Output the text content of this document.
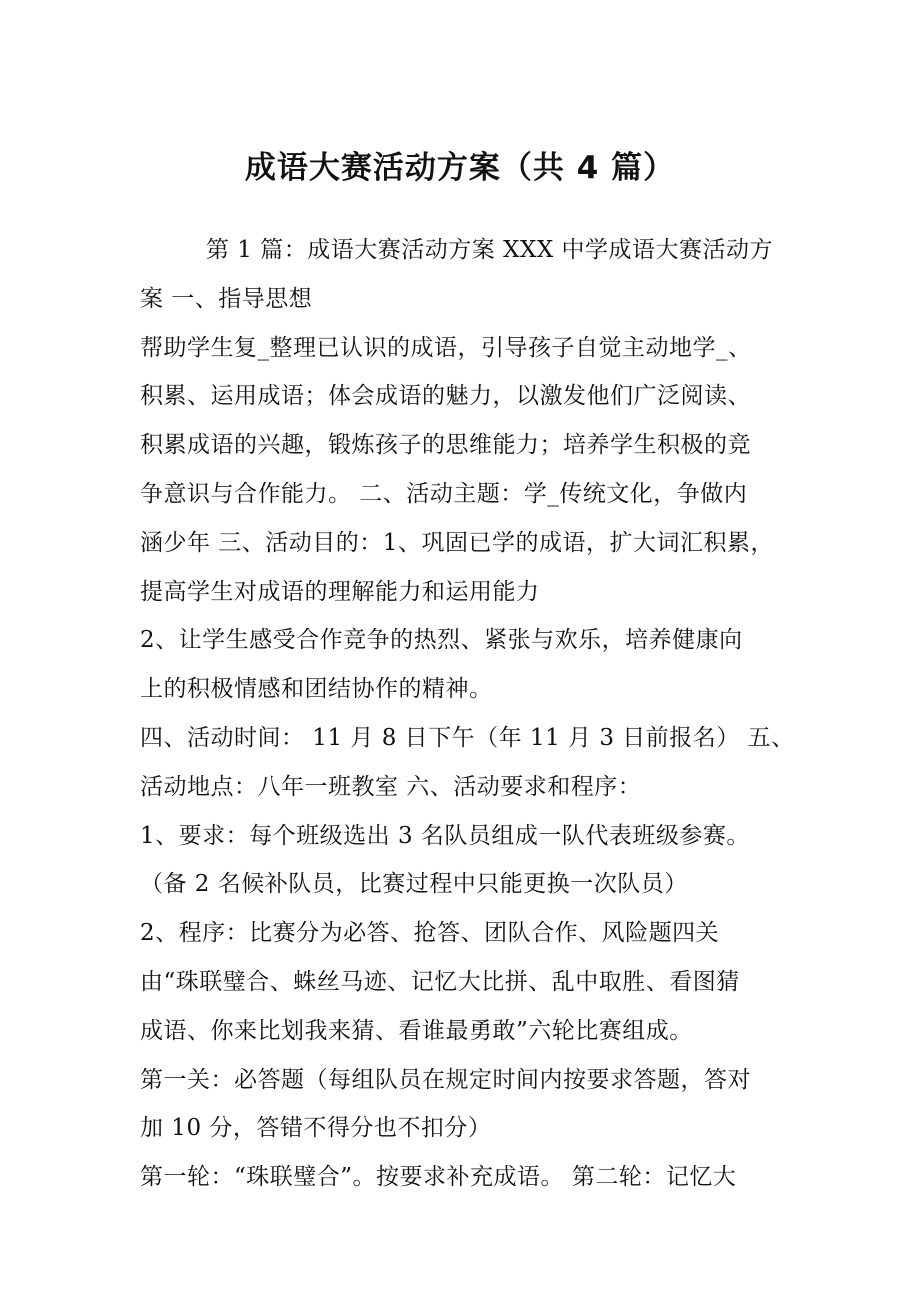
成语大赛活动方案（共 4 篇）
第 1 篇：成语大赛活动方案 XXX 中学成语大赛活动方
案 一、指导思想
帮助学生复_整理已认识的成语，引导孩子自觉主动地学_、
积累、运用成语；体会成语的魅力，以激发他们广泛阅读、
积累成语的兴趣，锻炼孩子的思维能力；培养学生积极的竞
争意识与合作能力。 二、活动主题：学_传统文化，争做内
涵少年 三、活动目的：1、巩固已学的成语，扩大词汇积累，
提高学生对成语的理解能力和运用能力
2、让学生感受合作竞争的热烈、紧张与欢乐，培养健康向
上的积极情感和团结协作的精神。
四、活动时间： 11 月 8 日下午（年 11 月 3 日前报名） 五、
活动地点：八年一班教室 六、活动要求和程序：
1、要求：每个班级选出 3 名队员组成一队代表班级参赛。
（备 2 名候补队员，比赛过程中只能更换一次队员）
2、程序：比赛分为必答、抢答、团队合作、风险题四关
由“珠联璧合、蛛丝马迹、记忆大比拼、乱中取胜、看图猜
成语、你来比划我来猜、看谁最勇敢”六轮比赛组成。
第一关：必答题（每组队员在规定时间内按要求答题，答对
加 10 分，答错不得分也不扣分）
第一轮：“珠联璧合”。按要求补充成语。 第二轮：记忆大
